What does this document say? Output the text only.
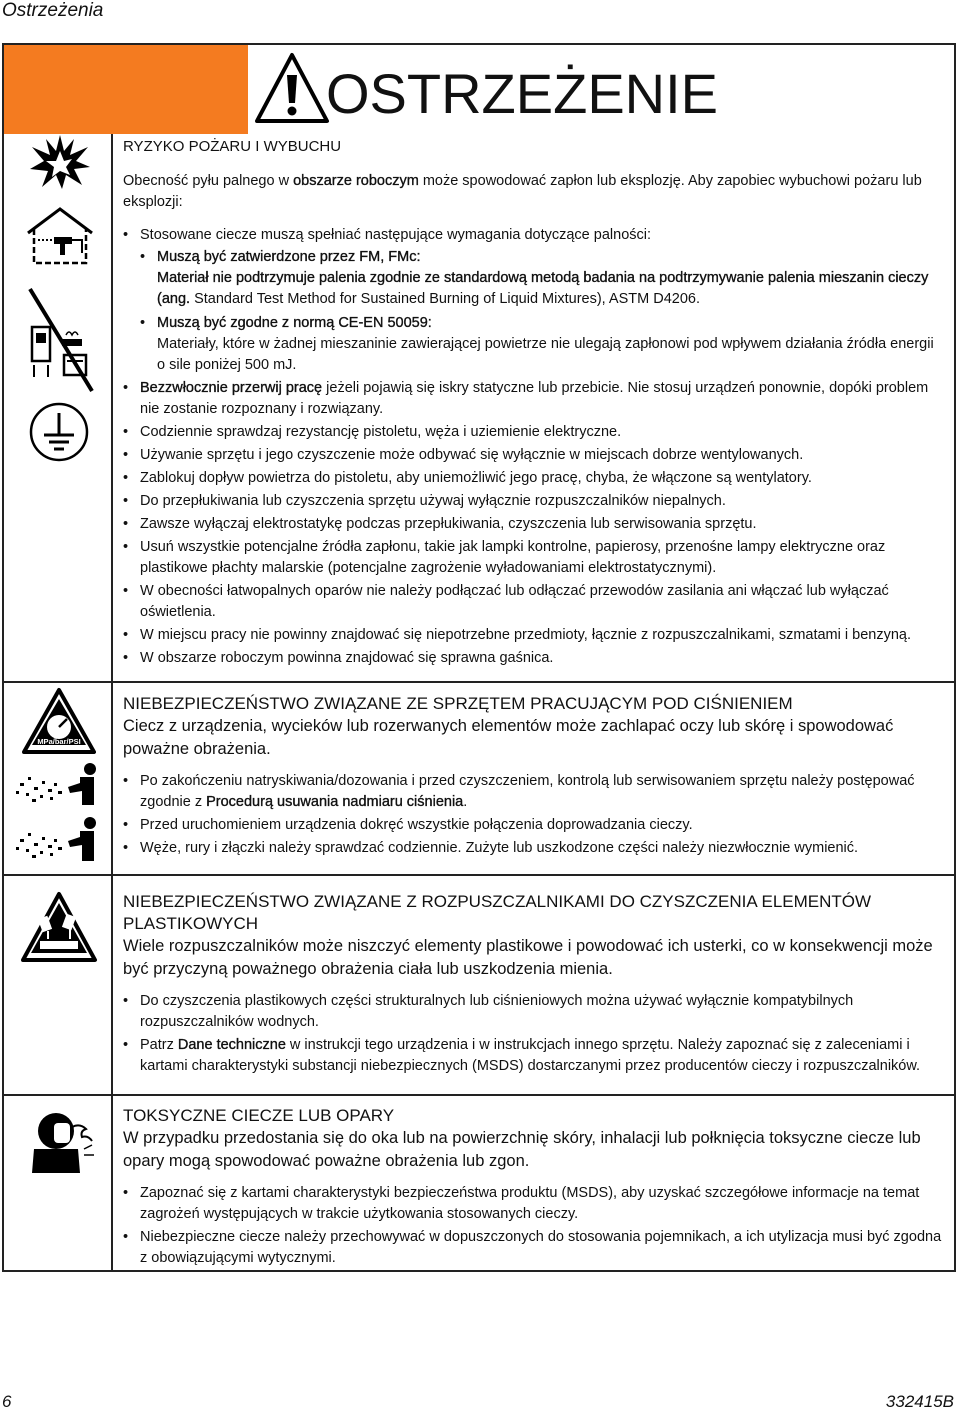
Ostrzeżenia
OSTRZEŻENIE
MPa/bar/PSI
RYZYKO POŻARU I WYBUCHU
Obecność pyłu palnego w obszarze roboczym może spowodować zapłon lub eksplozję. Aby zapobiec wybuchowi pożaru lub eksplozji:
• Stosowane ciecze muszą spełniać następujące wymagania dotyczące palności:
• Muszą być zatwierdzone przez FM, FMc:
Materiał nie podtrzymuje palenia zgodnie ze standardową metodą badania na podtrzymywanie palenia mieszanin cieczy (ang. Standard Test Method for Sustained Burning of Liquid Mixtures), ASTM D4206.
• Muszą być zgodne z normą CE-EN 50059:
Materiały, które w żadnej mieszaninie zawierającej powietrze nie ulegają zapłonowi pod wpływem działania źródła energii o sile poniżej 500 mJ.
• Bezzwłocznie przerwij pracę jeżeli pojawią się iskry statyczne lub przebicie. Nie stosuj urządzeń ponownie, dopóki problem nie zostanie rozpoznany i rozwiązany.
• Codziennie sprawdzaj rezystancję pistoletu, węża i uziemienie elektryczne.
• Używanie sprzętu i jego czyszczenie może odbywać się wyłącznie w miejscach dobrze wentylowanych.
• Zablokuj dopływ powietrza do pistoletu, aby uniemożliwić jego pracę, chyba, że włączone są wentylatory.
• Do przepłukiwania lub czyszczenia sprzętu używaj wyłącznie rozpuszczalników niepalnych.
• Zawsze wyłączaj elektrostatykę podczas przepłukiwania, czyszczenia lub serwisowania sprzętu.
• Usuń wszystkie potencjalne źródła zapłonu, takie jak lampki kontrolne, papierosy, przenośne lampy elektryczne oraz plastikowe płachty malarskie (potencjalne zagrożenie wyładowaniami elektrostatycznymi).
• W obecności łatwopalnych oparów nie należy podłączać lub odłączać przewodów zasilania ani włączać lub wyłączać oświetlenia.
• W miejscu pracy nie powinny znajdować się niepotrzebne przedmioty, łącznie z rozpuszczalnikami, szmatami i benzyną.
• W obszarze roboczym powinna znajdować się sprawna gaśnica.
NIEBEZPIECZEŃSTWO ZWIĄZANE ZE SPRZĘTEM PRACUJĄCYM POD CIŚNIENIEM
Ciecz z urządzenia, wycieków lub rozerwanych elementów może zachlapać oczy lub skórę i spowodować poważne obrażenia.
• Po zakończeniu natryskiwania/dozowania i przed czyszczeniem, kontrolą lub serwisowaniem sprzętu należy postępować zgodnie z Procedurą usuwania nadmiaru ciśnienia.
• Przed uruchomieniem urządzenia dokręć wszystkie połączenia doprowadzania cieczy.
• Węże, rury i złączki należy sprawdzać codziennie. Zużyte lub uszkodzone części należy niezwłocznie wymienić.
NIEBEZPIECZEŃSTWO ZWIĄZANE Z ROZPUSZCZALNIKAMI DO CZYSZCZENIA ELEMENTÓW PLASTIKOWYCH
Wiele rozpuszczalników może niszczyć elementy plastikowe i powodować ich usterki, co w konsekwencji może być przyczyną poważnego obrażenia ciała lub uszkodzenia mienia.
• Do czyszczenia plastikowych części strukturalnych lub ciśnieniowych można używać wyłącznie kompatybilnych rozpuszczalników wodnych.
• Patrz Dane techniczne w instrukcji tego urządzenia i w instrukcjach innego sprzętu. Należy zapoznać się z zaleceniami i kartami charakterystyki substancji niebezpiecznych (MSDS) dostarczanymi przez producentów cieczy i rozpuszczalników.
TOKSYCZNE CIECZE LUB OPARY
W przypadku przedostania się do oka lub na powierzchnię skóry, inhalacji lub połknięcia toksyczne ciecze lub opary mogą spowodować poważne obrażenia lub zgon.
• Zapoznać się z kartami charakterystyki bezpieczeństwa produktu (MSDS), aby uzyskać szczegółowe informacje na temat zagrożeń występujących w trakcie użytkowania stosowanych cieczy.
• Niebezpieczne ciecze należy przechowywać w dopuszczonych do stosowania pojemnikach, a ich utylizacja musi być zgodna z obowiązującymi wytycznymi.
6	332415B
